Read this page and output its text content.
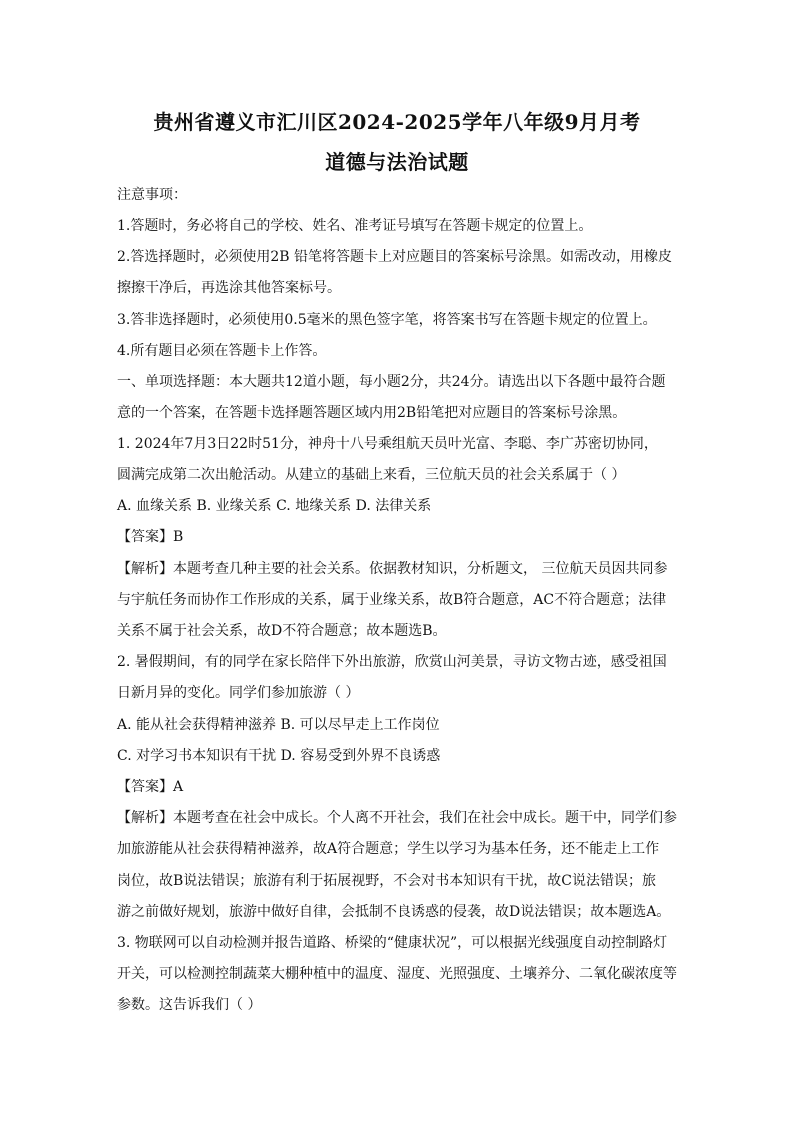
贵州省遵义市汇川区2024-2025学年八年级9月月考
道德与法治试题
注意事项：
1.答题时，务必将自己的学校、姓名、准考证号填写在答题卡规定的位置上。
2.答选择题时，必须使用2B 铅笔将答题卡上对应题目的答案标号涂黑。如需改动，用橡皮
擦擦干净后，再选涂其他答案标号。
3.答非选择题时，必须使用0.5毫米的黑色签字笔，将答案书写在答题卡规定的位置上。
4.所有题目必须在答题卡上作答。
一、单项选择题：本大题共12道小题，每小题2分，共24分。请选出以下各题中最符合题
意的一个答案，在答题卡选择题答题区域内用2B铅笔把对应题目的答案标号涂黑。
1. 2024年7月3日22时51分，神舟十八号乘组航天员叶光富、李聪、李广苏密切协同，
圆满完成第二次出舱活动。从建立的基础上来看，三位航天员的社会关系属于（ ）
A. 血缘关系 B. 业缘关系 C. 地缘关系 D. 法律关系
【答案】B
【解析】本题考查几种主要的社会关系。依据教材知识，分析题文， 三位航天员因共同参
与宇航任务而协作工作形成的关系，属于业缘关系，故B符合题意，AC不符合题意；法律
关系不属于社会关系，故D不符合题意；故本题选B。
2. 暑假期间，有的同学在家长陪伴下外出旅游，欣赏山河美景，寻访文物古迹，感受祖国
日新月异的变化。同学们参加旅游（ ）
A. 能从社会获得精神滋养 B. 可以尽早走上工作岗位
C. 对学习书本知识有干扰 D. 容易受到外界不良诱惑
【答案】A
【解析】本题考查在社会中成长。个人离不开社会，我们在社会中成长。题干中，同学们参
加旅游能从社会获得精神滋养，故A符合题意；学生以学习为基本任务，还不能走上工作
岗位，故B说法错误；旅游有利于拓展视野，不会对书本知识有干扰，故C说法错误；旅
游之前做好规划，旅游中做好自律，会抵制不良诱惑的侵袭，故D说法错误；故本题选A。
3. 物联网可以自动检测并报告道路、桥梁的“健康状况”，可以根据光线强度自动控制路灯
开关，可以检测控制蔬菜大棚种植中的温度、湿度、光照强度、土壤养分、二氧化碳浓度等
参数。这告诉我们（ ）
